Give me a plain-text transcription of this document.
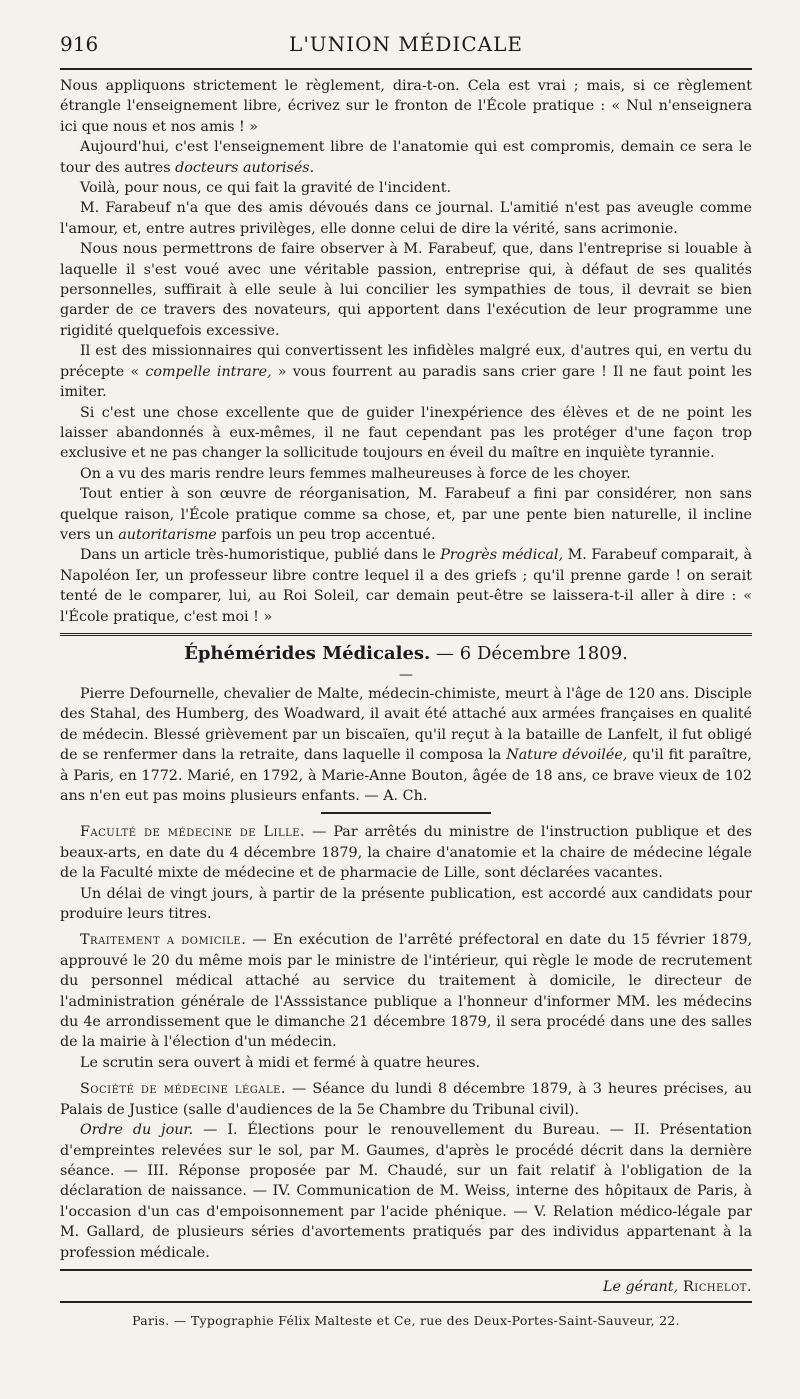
916	L'UNION MÉDICALE

Nous appliquons strictement le règlement, dira-t-on. Cela est vrai ; mais, si ce règlement étrangle l'enseignement libre, écrivez sur le fronton de l'École pratique : « Nul n'enseignera ici que nous et nos amis ! »

Aujourd'hui, c'est l'enseignement libre de l'anatomie qui est compromis, demain ce sera le tour des autres docteurs autorisés.

Voilà, pour nous, ce qui fait la gravité de l'incident.

M. Farabeuf n'a que des amis dévoués dans ce journal. L'amitié n'est pas aveugle comme l'amour, et, entre autres privilèges, elle donne celui de dire la vérité, sans acrimonie.

Nous nous permettrons de faire observer à M. Farabeuf, que, dans l'entreprise si louable à laquelle il s'est voué avec une véritable passion, entreprise qui, à défaut de ses qualités personnelles, suffirait à elle seule à lui concilier les sympathies de tous, il devrait se bien garder de ce travers des novateurs, qui apportent dans l'exécution de leur programme une rigidité quelquefois excessive.

Il est des missionnaires qui convertissent les infidèles malgré eux, d'autres qui, en vertu du précepte « compelle intrare, » vous fourrent au paradis sans crier gare ! Il ne faut point les imiter.

Si c'est une chose excellente que de guider l'inexpérience des élèves et de ne point les laisser abandonnés à eux-mêmes, il ne faut cependant pas les protéger d'une façon trop exclusive et ne pas changer la sollicitude toujours en éveil du maître en inquiète tyrannie.

On a vu des maris rendre leurs femmes malheureuses à force de les choyer.

Tout entier à son œuvre de réorganisation, M. Farabeuf a fini par considérer, non sans quelque raison, l'École pratique comme sa chose, et, par une pente bien naturelle, il incline vers un autoritarisme parfois un peu trop accentué.

Dans un article très-humoristique, publié dans le Progrès médical, M. Farabeuf comparait, à Napoléon Ier, un professeur libre contre lequel il a des griefs ; qu'il prenne garde ! on serait tenté de le comparer, lui, au Roi Soleil, car demain peut-être se laissera-t-il aller à dire : « l'École pratique, c'est moi ! »

Éphémérides Médicales. — 6 Décembre 1809.
—

Pierre Defournelle, chevalier de Malte, médecin-chimiste, meurt à l'âge de 120 ans. Disciple des Stahal, des Humberg, des Woadward, il avait été attaché aux armées françaises en qualité de médecin. Blessé grièvement par un biscaïen, qu'il reçut à la bataille de Lanfelt, il fut obligé de se renfermer dans la retraite, dans laquelle il composa la Nature dévoilée, qu'il fit paraître, à Paris, en 1772. Marié, en 1792, à Marie-Anne Bouton, âgée de 18 ans, ce brave vieux de 102 ans n'en eut pas moins plusieurs enfants. — A. Ch.

Faculté de médecine de Lille. — Par arrêtés du ministre de l'instruction publique et des beaux-arts, en date du 4 décembre 1879, la chaire d'anatomie et la chaire de médecine légale de la Faculté mixte de médecine et de pharmacie de Lille, sont déclarées vacantes.

Un délai de vingt jours, à partir de la présente publication, est accordé aux candidats pour produire leurs titres.

Traitement a domicile. — En exécution de l'arrêté préfectoral en date du 15 février 1879, approuvé le 20 du même mois par le ministre de l'intérieur, qui règle le mode de recrutement du personnel médical attaché au service du traitement à domicile, le directeur de l'administration générale de l'Asssistance publique a l'honneur d'informer MM. les médecins du 4e arrondissement que le dimanche 21 décembre 1879, il sera procédé dans une des salles de la mairie à l'élection d'un médecin.

Le scrutin sera ouvert à midi et fermé à quatre heures.

Société de médecine légale. — Séance du lundi 8 décembre 1879, à 3 heures précises, au Palais de Justice (salle d'audiences de la 5e Chambre du Tribunal civil).

Ordre du jour. — I. Élections pour le renouvellement du Bureau. — II. Présentation d'empreintes relevées sur le sol, par M. Gaumes, d'après le procédé décrit dans la dernière séance. — III. Réponse proposée par M. Chaudé, sur un fait relatif à l'obligation de la déclaration de naissance. — IV. Communication de M. Weiss, interne des hôpitaux de Paris, à l'occasion d'un cas d'empoisonnement par l'acide phénique. — V. Relation médico-légale par M. Gallard, de plusieurs séries d'avortements pratiqués par des individus appartenant à la profession médicale.

Le gérant, Richelot.
Paris. — Typographie Félix Malteste et Ce, rue des Deux-Portes-Saint-Sauveur, 22.
